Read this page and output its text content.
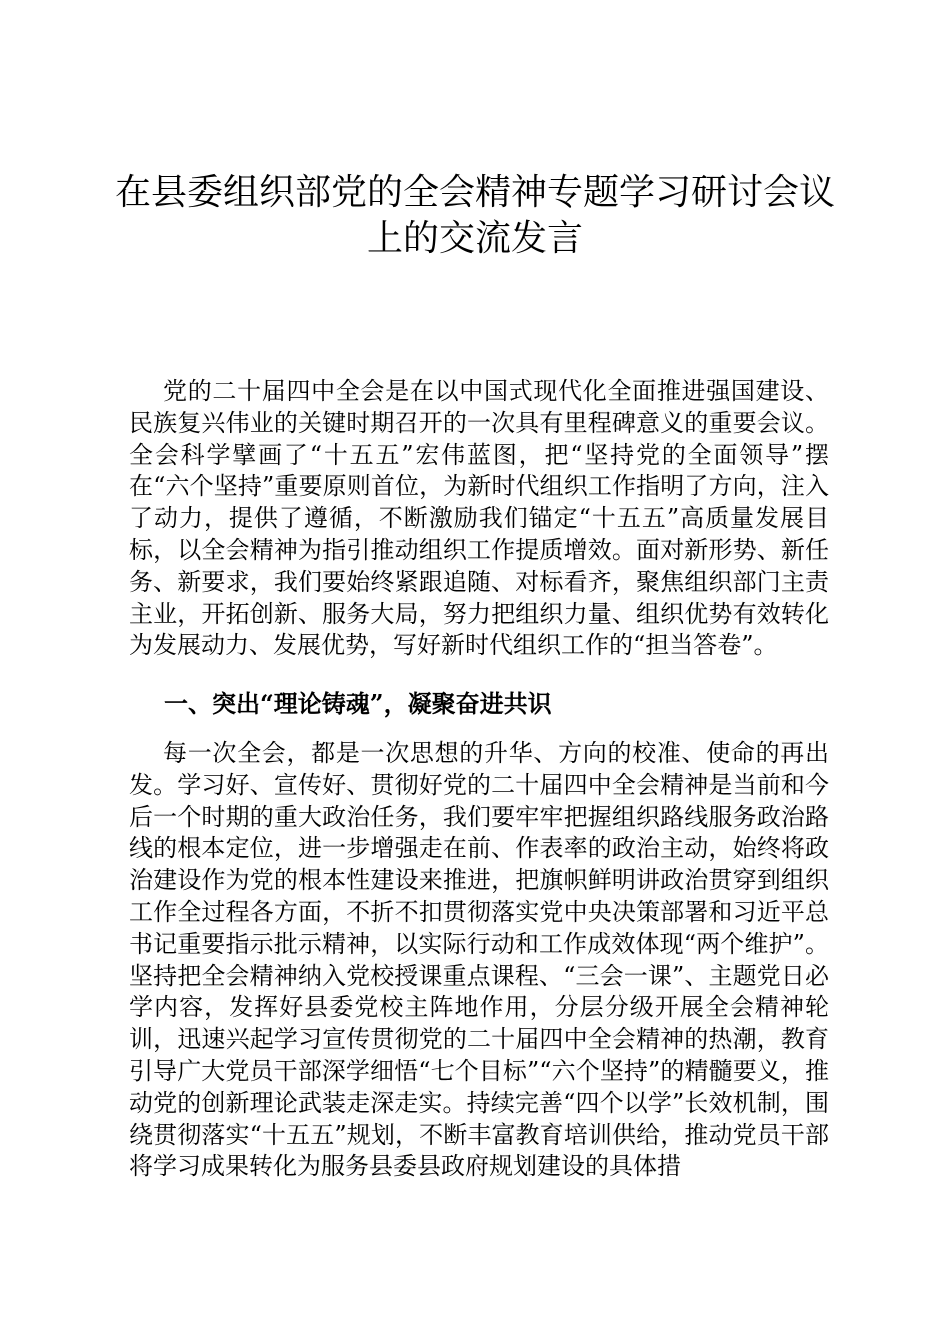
在县委组织部党的全会精神专题学习研讨会议上的交流发言

党的二十届四中全会是在以中国式现代化全面推进强国建设、民族复兴伟业的关键时期召开的一次具有里程碑意义的重要会议。全会科学擘画了“十五五”宏伟蓝图，把“坚持党的全面领导”摆在“六个坚持”重要原则首位，为新时代组织工作指明了方向，注入了动力，提供了遵循，不断激励我们锚定“十五五”高质量发展目标，以全会精神为指引推动组织工作提质增效。面对新形势、新任务、新要求，我们要始终紧跟追随、对标看齐，聚焦组织部门主责主业，开拓创新、服务大局，努力把组织力量、组织优势有效转化为发展动力、发展优势，写好新时代组织工作的“担当答卷”。

一、突出“理论铸魂”，凝聚奋进共识

每一次全会，都是一次思想的升华、方向的校准、使命的再出发。学习好、宣传好、贯彻好党的二十届四中全会精神是当前和今后一个时期的重大政治任务，我们要牢牢把握组织路线服务政治路线的根本定位，进一步增强走在前、作表率的政治主动，始终将政治建设作为党的根本性建设来推进，把旗帜鲜明讲政治贯穿到组织工作全过程各方面，不折不扣贯彻落实党中央决策部署和习近平总书记重要指示批示精神，以实际行动和工作成效体现“两个维护”。坚持把全会精神纳入党校授课重点课程、“三会一课”、主题党日必学内容，发挥好县委党校主阵地作用，分层分级开展全会精神轮训，迅速兴起学习宣传贯彻党的二十届四中全会精神的热潮，教育引导广大党员干部深学细悟“七个目标”“六个坚持”的精髓要义，推动党的创新理论武装走深走实。持续完善“四个以学”长效机制，围绕贯彻落实“十五五”规划，不断丰富教育培训供给，推动党员干部将学习成果转化为服务县委县政府规划建设的具体措
